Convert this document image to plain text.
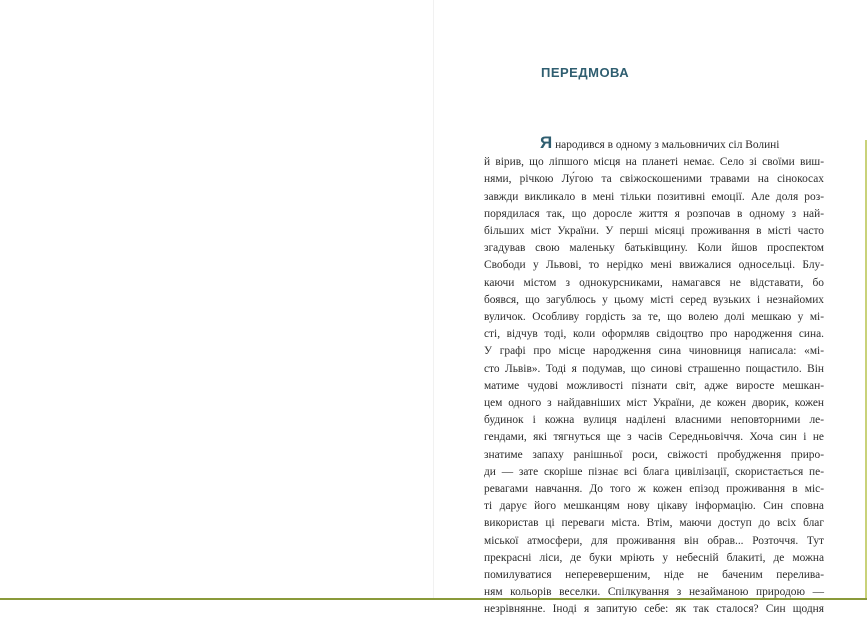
ПЕРЕДМОВА
Я народився в одному з мальовничих сіл Волині
й вірив, що ліпшого місця на планеті немає. Село зі своїми виш-
нями, річкою Лу́гою та свіжоскошеними травами на сінокосах
завжди викликало в мені тільки позитивні емоції. Але доля роз-
порядилася так, що доросле життя я розпочав в одному з най-
більших міст України. У перші місяці проживання в місті часто
згадував свою маленьку батьківщину. Коли йшов проспектом
Свободи у Львові, то нерідко мені ввижалися односельці. Блу-
каючи містом з однокурсниками, намагався не відставати, бо
боявся, що загублюсь у цьому місті серед вузьких і незнайомих
вуличок. Особливу гордість за те, що волею долі мешкаю у мі-
сті, відчув тоді, коли оформляв свідоцтво про народження сина.
У графі про місце народження сина чиновниця написала: «мі-
сто Львів». Тоді я подумав, що синові страшенно пощастило. Він
матиме чудові можливості пізнати світ, адже виросте мешкан-
цем одного з найдавніших міст України, де кожен дворик, кожен
будинок і кожна вулиця наділені власними неповторними ле-
гендами, які тягнуться ще з часів Середньовіччя. Хоча син і не
знатиме запаху ранішньої роси, свіжості пробудження приро-
ди — зате скоріше пізнає всі блага цивілізації, скористається пе-
ревагами навчання. До того ж кожен епізод проживання в міс-
ті дарує його мешканцям нову цікаву інформацію. Син сповна
використав ці переваги міста. Втім, маючи доступ до всіх благ
міської атмосфери, для проживання він обрав... Розточчя. Тут
прекрасні ліси, де буки мріють у небесній блакиті, де можна
помилуватися неперевершеним, ніде не баченим перелива-
ням кольорів веселки. Спілкування з незайманою природою —
незрівнянне. Іноді я запитую себе: як так сталося? Син щодня
